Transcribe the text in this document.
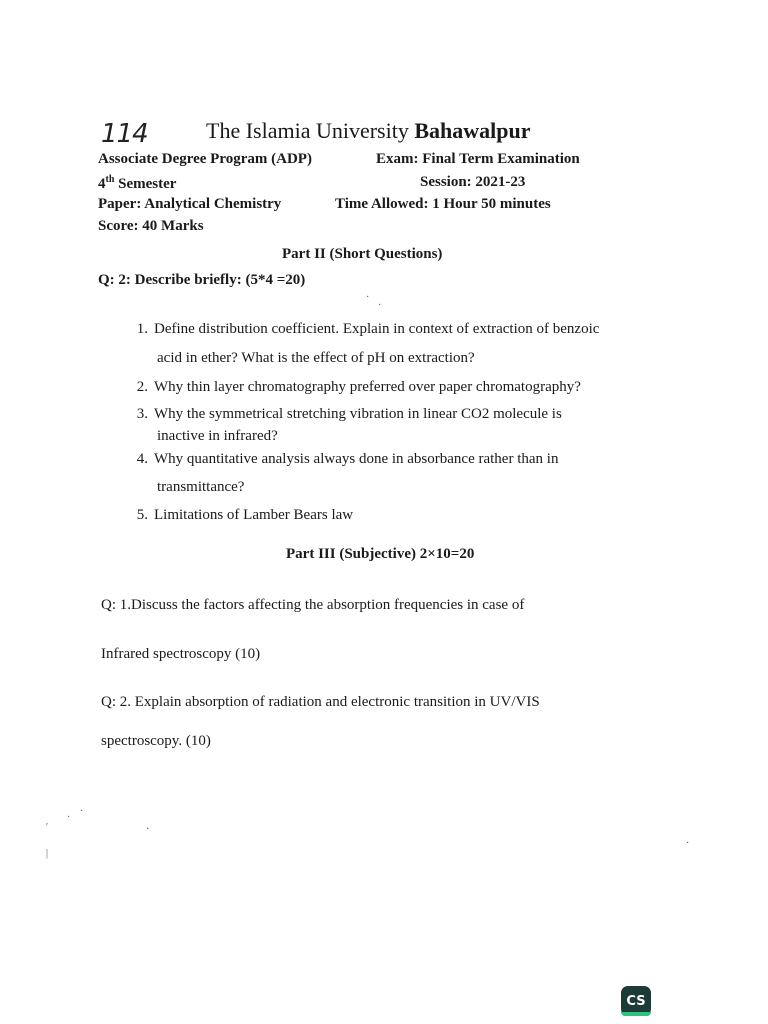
114	The Islamia University Bahawalpur
Associate Degree Program (ADP)	Exam: Final Term Examination
4th Semester	Session: 2021-23
Paper: Analytical Chemistry	Time Allowed: 1 Hour 50 minutes
Score: 40 Marks
Part II (Short Questions)
Q: 2: Describe briefly: (5*4 =20)
1. Define distribution coefficient. Explain in context of extraction of benzoic
acid in ether? What is the effect of pH on extraction?
2. Why thin layer chromatography preferred over paper chromatography?
3. Why the symmetrical stretching vibration in linear CO2 molecule is
inactive in infrared?
4. Why quantitative analysis always done in absorbance rather than in
transmittance?
5. Limitations of Lamber Bears law
Part III (Subjective) 2×10=20
Q: 1.Discuss the factors affecting the absorption frequencies in case of
Infrared spectroscopy (10)
Q: 2. Explain absorption of radiation and electronic transition in UV/VIS
spectroscopy. (10)
·
·
·
·
'
|
·
·
CS
